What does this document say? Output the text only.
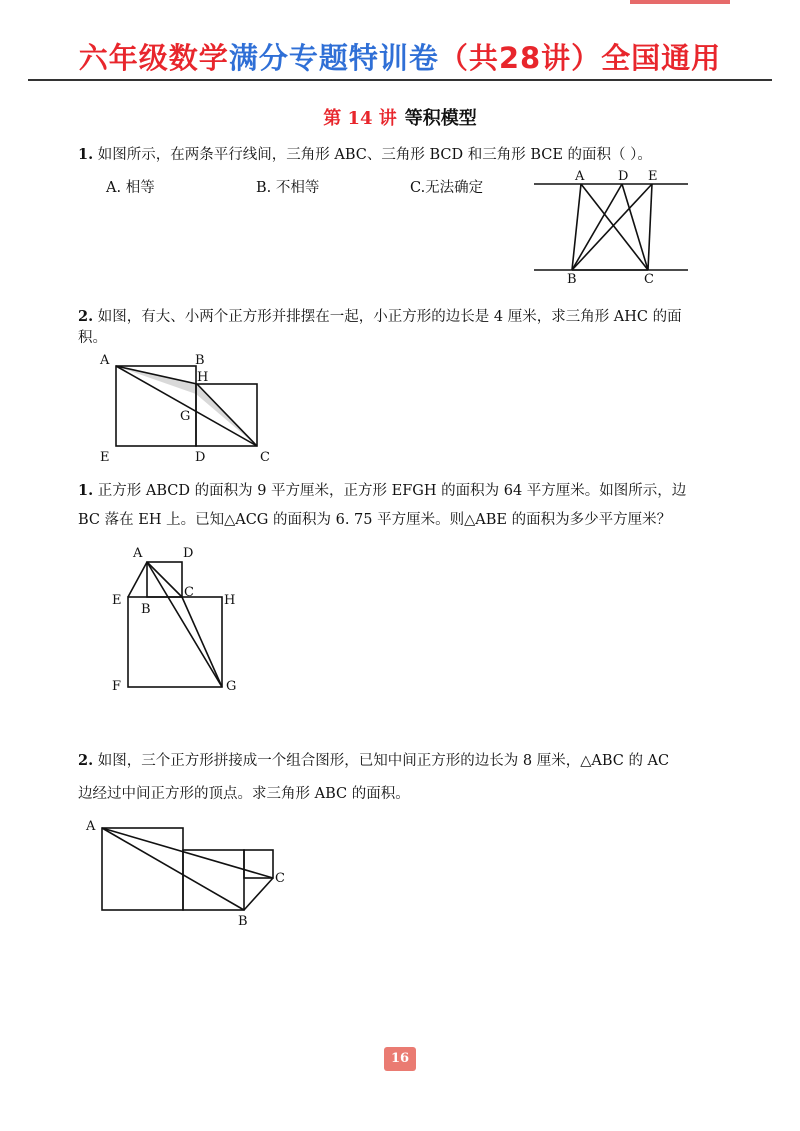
六年级数学满分专题特训卷（共28讲）全国通用
第 14 讲 等积模型
1. 如图所示，在两条平行线间，三角形 ABC、三角形 BCD 和三角形 BCE 的面积（ ）。
A. 相等	B. 不相等	C.无法确定
A	D E
B	C
2. 如图，有大、小两个正方形并排摆在一起，小正方形的边长是 4 厘米，求三角形 AHC 的面
积。
A	B
H
G
E	D	C
1. 正方形 ABCD 的面积为 9 平方厘米，正方形 EFGH 的面积为 64 平方厘米。如图所示，边
BC 落在 EH 上。已知△ACG 的面积为 6. 75 平方厘米。则△ABE 的面积为多少平方厘米？
A	D
E
B
C
H
F	G
2. 如图，三个正方形拼接成一个组合图形，已知中间正方形的边长为 8 厘米，△ABC 的 AC
边经过中间正方形的顶点。求三角形 ABC 的面积。
A
C
B
16
